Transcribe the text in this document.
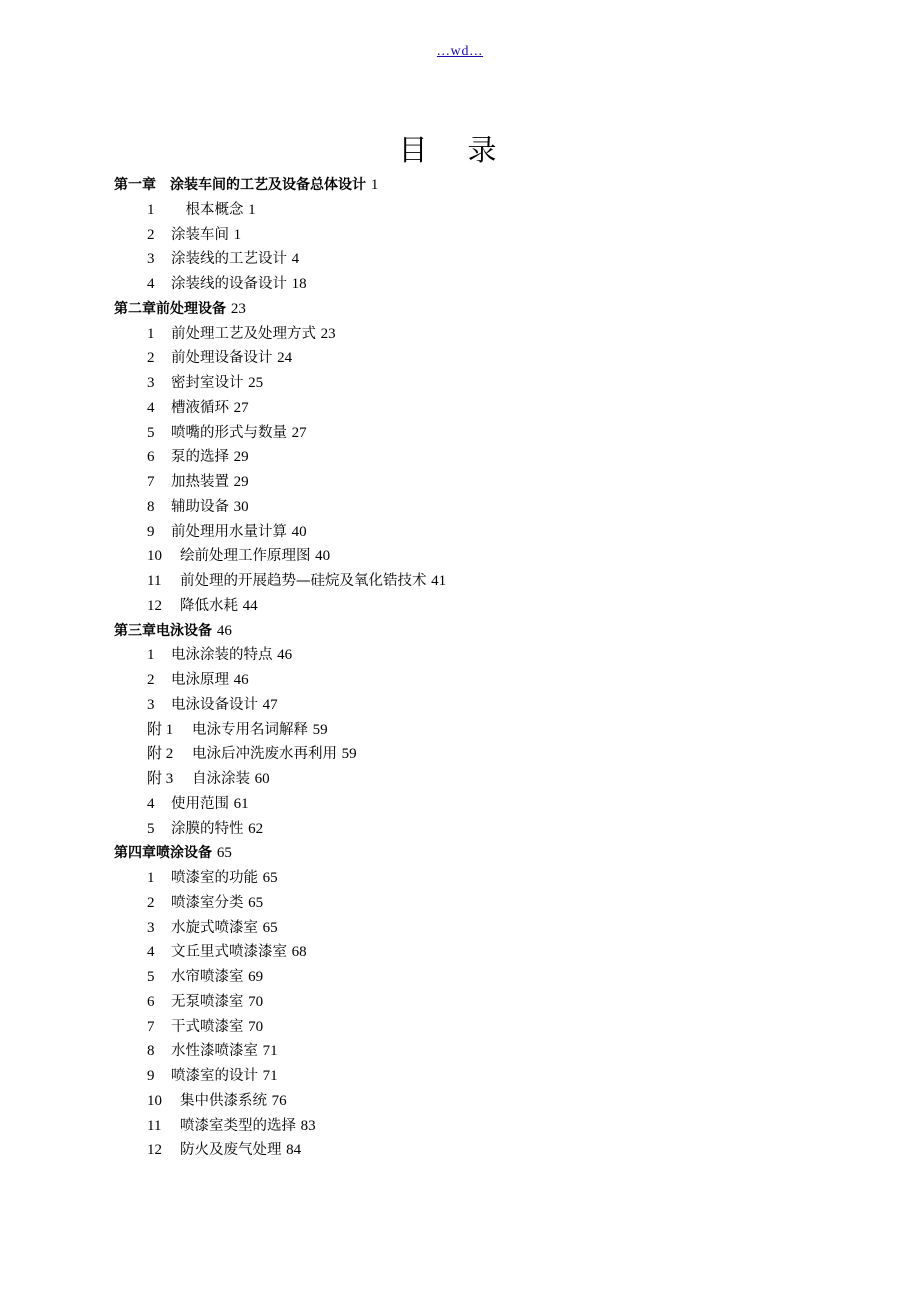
...wd...
目录
第一章　涂装车间的工艺及设备总体设计 1
1　根本概念 1
2 涂装车间 1
3 涂装线的工艺设计 4
4 涂装线的设备设计 18
第二章前处理设备 23
1 前处理工艺及处理方式 23
2 前处理设备设计 24
3 密封室设计 25
4 槽液循环 27
5 喷嘴的形式与数量 27
6 泵的选择 29
7 加热装置 29
8 辅助设备 30
9 前处理用水量计算 40
10 绘前处理工作原理图 40
11 前处理的开展趋势—硅烷及氧化锆技术 41
12 降低水耗 44
第三章电泳设备 46
1 电泳涂装的特点 46
2 电泳原理 46
3 电泳设备设计 47
附 1 电泳专用名词解释 59
附 2 电泳后冲洗废水再利用 59
附 3 自泳涂装 60
4 使用范围 61
5 涂膜的特性 62
第四章喷涂设备 65
1 喷漆室的功能 65
2 喷漆室分类 65
3 水旋式喷漆室 65
4 文丘里式喷漆漆室 68
5 水帘喷漆室 69
6 无泵喷漆室 70
7 干式喷漆室 70
8 水性漆喷漆室 71
9 喷漆室的设计 71
10 集中供漆系统 76
11 喷漆室类型的选择 83
12 防火及废气处理 84
